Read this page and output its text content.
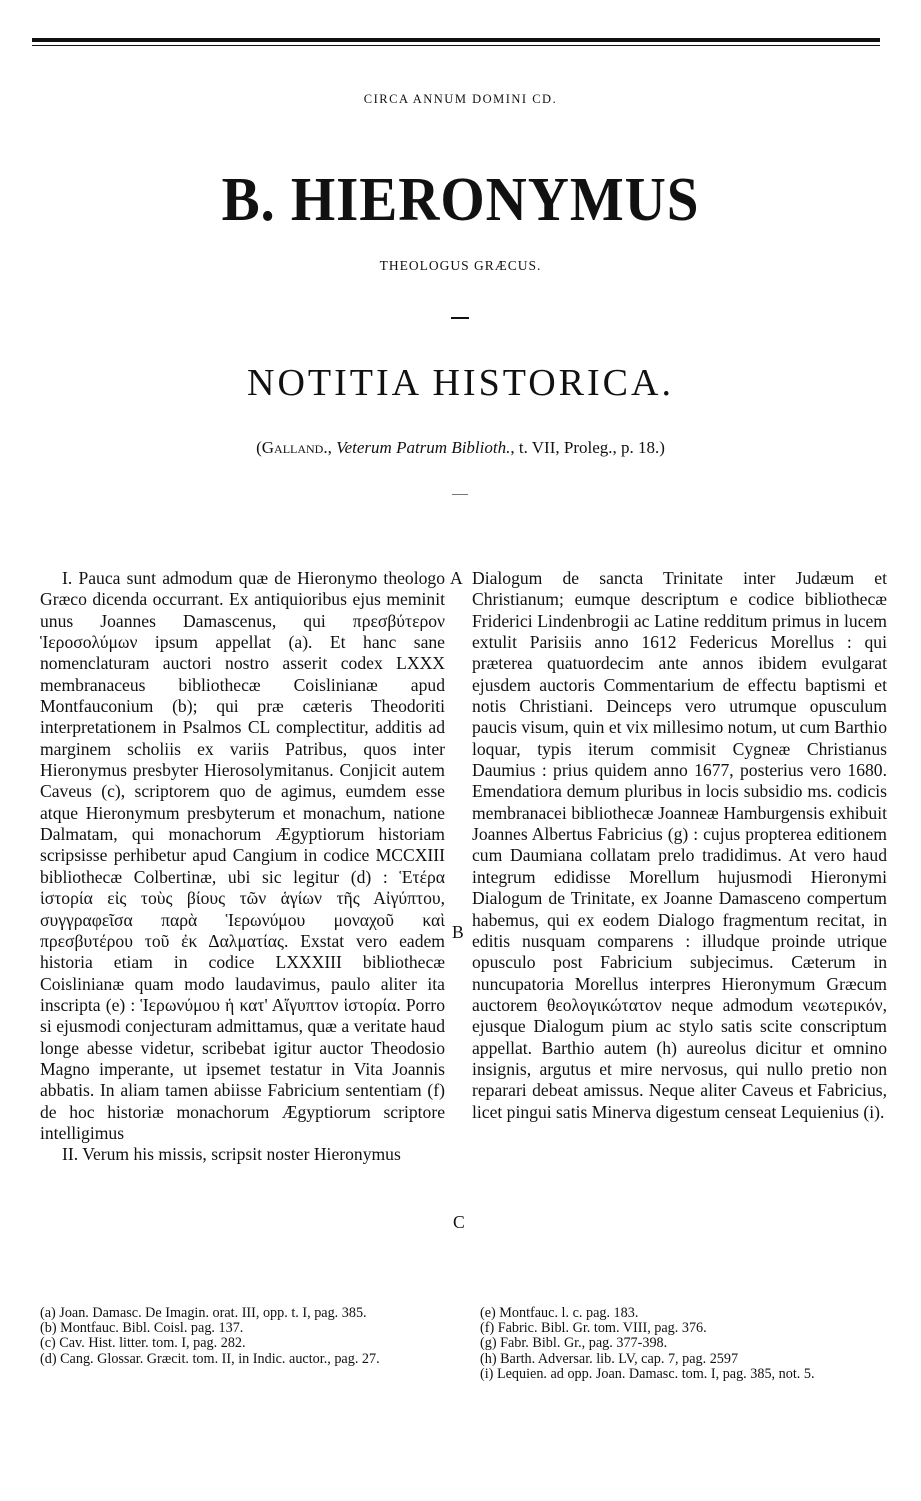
CIRCA ANNUM DOMINI CD.
B. HIERONYMUS
THEOLOGUS GRÆCUS.
NOTITIA HISTORICA.
(Galland., Veterum Patrum Biblioth., t. VII, Proleg., p. 18.)

I. Pauca sunt admodum quæ de Hieronymo theologo Græco dicenda occurrant. Ex antiquioribus ejus meminit unus Joannes Damascenus, qui πρεσβύτερον Ἱεροσολύμων ipsum appellat (a). Et hanc sane nomenclaturam auctori nostro asserit codex LXXX membranaceus bibliothecæ Coislinianæ apud Montfauconium (b); qui præ cæteris Theodoriti interpretationem in Psalmos CL complectitur, additis ad marginem scholiis ex variis Patribus, quos inter Hieronymus presbyter Hierosolymitanus. Conjicit autem Caveus (c), scriptorem quo de agimus, eumdem esse atque Hieronymum presbyterum et monachum, natione Dalmatam, qui monachorum Ægyptiorum historiam scripsisse perhibetur apud Cangium in codice MCCXIII bibliothecæ Colbertinæ, ubi sic legitur (d) : Ἑτέρα ἱστορία εἰς τοὺς βίους τῶν ἁγίων τῆς Αἰγύπτου, συγγραφεῖσα παρὰ Ἱερωνύμου μοναχοῦ καὶ πρεσβυτέρου τοῦ ἐκ Δαλματίας. Exstat vero eadem historia etiam in codice LXXXIII bibliothecæ Coislinianæ quam modo laudavimus, paulo aliter ita inscripta (e) : Ἱερωνύμου ἡ κατ' Αἴγυπτον ἱστορία. Porro si ejusmodi conjecturam admittamus, quæ a veritate haud longe abesse videtur, scribebat igitur auctor Theodosio Magno imperante, ut ipsemet testatur in Vita Joannis abbatis. In aliam tamen abiisse Fabricium sententiam (f) de hoc historiæ monachorum Ægyptiorum scriptore intelligimus

II. Verum his missis, scripsit noster Hieronymus

Dialogum de sancta Trinitate inter Judæum et Christianum; eumque descriptum e codice bibliothecæ Friderici Lindenbrogii ac Latine redditum primus in lucem extulit Parisiis anno 1612 Federicus Morellus : qui præterea quatuordecim ante annos ibidem evulgarat ejusdem auctoris Commentarium de effectu baptismi et notis Christiani. Deinceps vero utrumque opusculum paucis visum, quin et vix millesimo notum, ut cum Barthio loquar, typis iterum commisit Cygneæ Christianus Daumius : prius quidem anno 1677, posterius vero 1680. Emendatiora demum pluribus in locis subsidio ms. codicis membranacei bibliothecæ Joanneæ Hamburgensis exhibuit Joannes Albertus Fabricius (g) : cujus propterea editionem cum Daumiana collatam prelo tradidimus. At vero haud integrum edidisse Morellum hujusmodi Hieronymi Dialogum de Trinitate, ex Joanne Damasceno compertum habemus, qui ex eodem Dialogo fragmentum recitat, in editis nusquam comparens : illudque proinde utrique opusculo post Fabricium subjecimus. Cæterum in nuncupatoria Morellus interpres Hieronymum Græcum auctorem θεολογικώτατον neque admodum νεωτερικόν, ejusque Dialogum pium ac stylo satis scite conscriptum appellat. Barthio autem (h) aureolus dicitur et omnino insignis, argutus et mire nervosus, qui nullo pretio non reparari debeat amissus. Neque aliter Caveus et Fabricius, licet pingui satis Minerva digestum censeat Lequienius (i).

A
B
C
(a) Joan. Damasc. De Imagin. orat. III, opp. t. I, pag. 385.
(b) Montfauc. Bibl. Coisl. pag. 137.
(c) Cav. Hist. litter. tom. I, pag. 282.
(d) Cang. Glossar. Græcit. tom. II, in Indic. auctor., pag. 27.
(e) Montfauc. l. c. pag. 183.
(f) Fabric. Bibl. Gr. tom. VIII, pag. 376.
(g) Fabr. Bibl. Gr., pag. 377-398.
(h) Barth. Adversar. lib. LV, cap. 7, pag. 2597
(i) Lequien. ad opp. Joan. Damasc. tom. I, pag. 385, not. 5.
